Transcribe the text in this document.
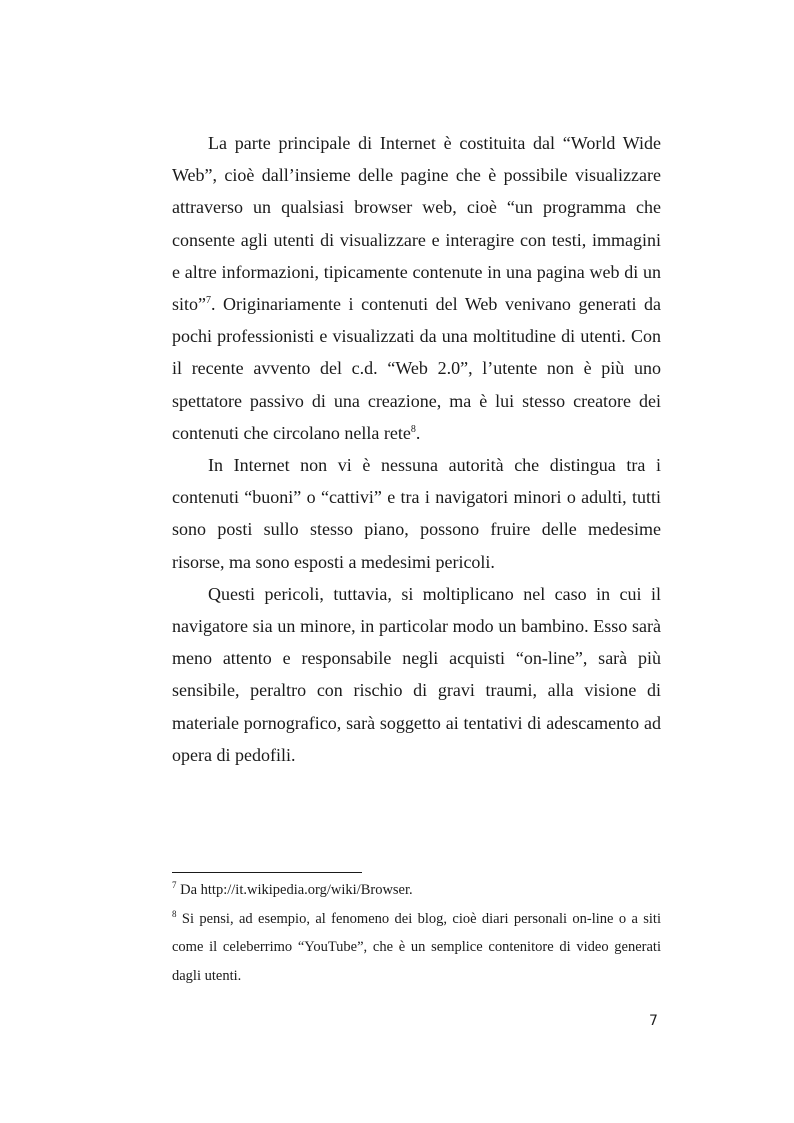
La parte principale di Internet è costituita dal “World Wide Web”, cioè dall’insieme delle pagine che è possibile visualizzare attraverso un qualsiasi browser web, cioè “un programma che consente agli utenti di visualizzare e interagire con testi, immagini e altre informazioni, tipicamente contenute in una pagina web di un sito”$^7$. Originariamente i contenuti del Web venivano generati da pochi professionisti e visualizzati da una moltitudine di utenti. Con il recente avvento del c.d. “Web 2.0”, l’utente non è più uno spettatore passivo di una creazione, ma è lui stesso creatore dei contenuti che circolano nella rete$^8$.

In Internet non vi è nessuna autorità che distingua tra i contenuti “buoni” o “cattivi” e tra i navigatori minori o adulti, tutti sono posti sullo stesso piano, possono fruire delle medesime risorse, ma sono esposti a medesimi pericoli.

Questi pericoli, tuttavia, si moltiplicano nel caso in cui il navigatore sia un minore, in particolar modo un bambino. Esso sarà meno attento e responsabile negli acquisti “on-line”, sarà più sensibile, peraltro con rischio di gravi traumi, alla visione di materiale pornografico, sarà soggetto ai tentativi di adescamento ad opera di pedofili.

$^7$ Da http://it.wikipedia.org/wiki/Browser.

$^8$ Si pensi, ad esempio, al fenomeno dei blog, cioè diari personali on-line o a siti come il celeberrimo “YouTube”, che è un semplice contenitore di video generati dagli utenti.

7
